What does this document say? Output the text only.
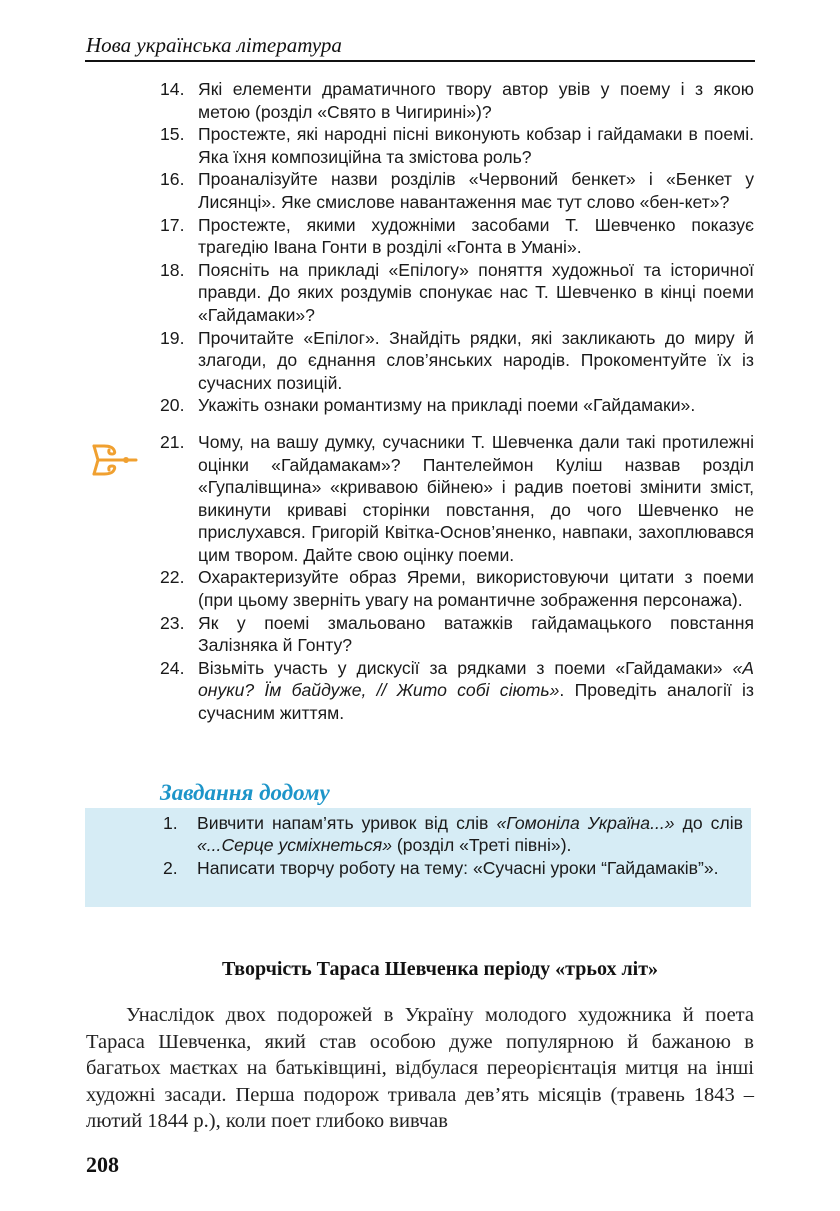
Нова українська література
14. Які елементи драматичного твору автор увів у поему і з якою метою (розділ «Свято в Чигирині»)?
15. Простежте, які народні пісні виконують кобзар і гайдамаки в поемі. Яка їхня композиційна та змістова роль?
16. Проаналізуйте назви розділів «Червоний бенкет» і «Бенкет у Лисянці». Яке смислове навантаження має тут слово «бен-кет»?
17. Простежте, якими художніми засобами Т. Шевченко показує трагедію Івана Гонти в розділі «Гонта в Умані».
18. Поясніть на прикладі «Епілогу» поняття художньої та історичної правди. До яких роздумів спонукає нас Т. Шевченко в кінці поеми «Гайдамаки»?
19. Прочитайте «Епілог». Знайдіть рядки, які закликають до миру й злагоди, до єднання слов’янських народів. Прокоментуйте їх із сучасних позицій.
20. Укажіть ознаки романтизму на прикладі поеми «Гайдамаки».
21. Чому, на вашу думку, сучасники Т. Шевченка дали такі протилежні оцінки «Гайдамакам»? Пантелеймон Куліш назвав розділ «Гупалівщина» «кривавою бійнею» і радив поетові змінити зміст, викинути криваві сторінки повстання, до чого Шевченко не прислухався. Григорій Квітка-Основ’яненко, навпаки, захоплювався цим твором. Дайте свою оцінку поеми.
22. Охарактеризуйте образ Яреми, використовуючи цитати з поеми (при цьому зверніть увагу на романтичне зображення персонажа).
23. Як у поемі змальовано ватажків гайдамацького повстання Залізняка й Гонту?
24. Візьміть участь у дискусії за рядками з поеми «Гайдамаки» «А онуки? Їм байдуже, // Жито собі сіють». Проведіть аналогії із сучасним життям.
Завдання додому
1.	Вивчити напам’ять уривок від слів «Гомоніла Україна...» до слів «...Серце усміхнеться» (розділ «Треті півні»).
2.	Написати творчу роботу на тему: «Сучасні уроки “Гайдамаків”».
Творчість Тараса Шевченка періоду «трьох літ»
Унаслідок двох подорожей в Україну молодого художника й поета Тараса Шевченка, який став особою дуже популярною й бажаною в багатьох маєтках на батьківщині, відбулася переорієнтація митця на інші художні засади. Перша подорож тривала дев’ять місяців (травень 1843 – лютий 1844 р.), коли поет глибоко вивчав
208
